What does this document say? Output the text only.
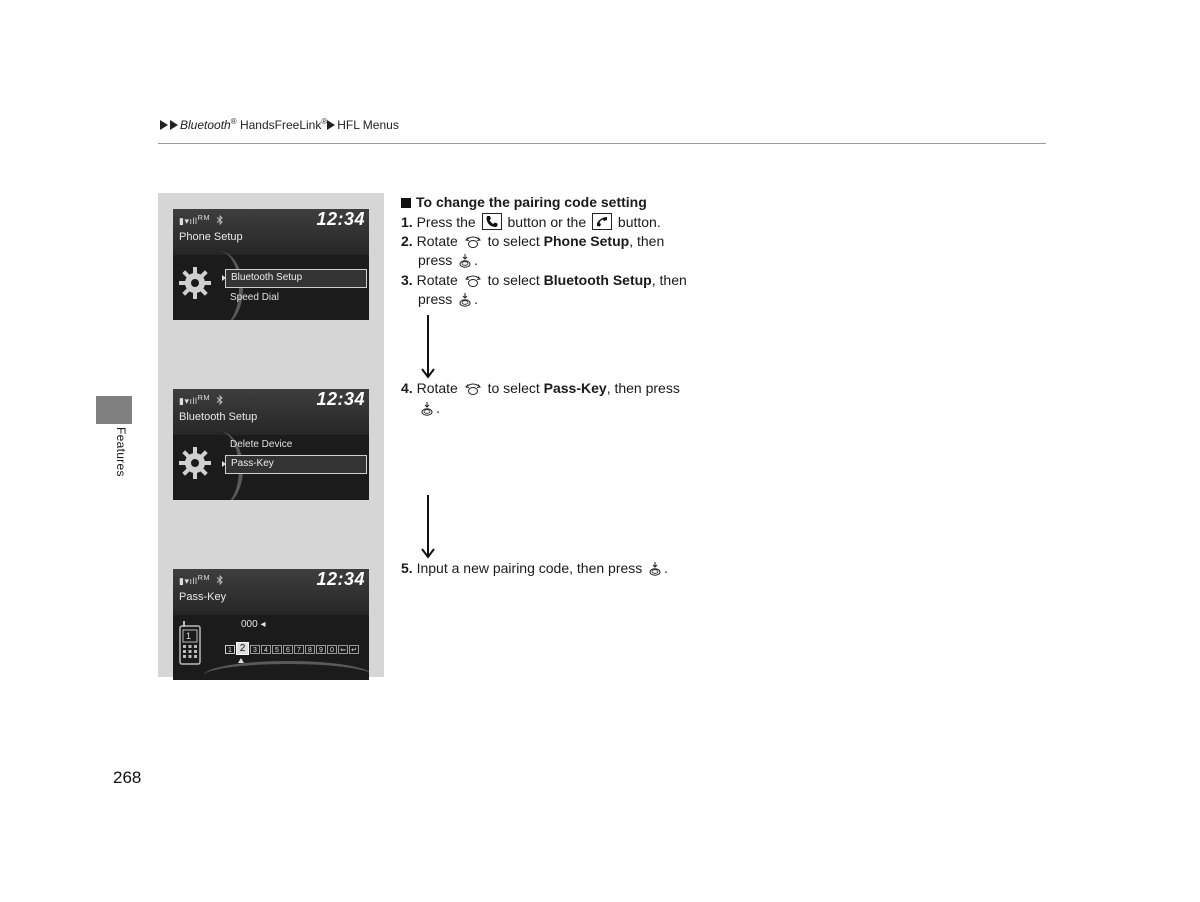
Bluetooth® HandsFreeLink® HFL Menus
Features
268
▮▾ıll$^{RM}$	12:34
Phone Setup
Bluetooth Setup
Speed Dial
▮▾ıll$^{RM}$	12:34
Bluetooth Setup
Delete Device
Pass-Key
▮▾ıll$^{RM}$	12:34
Pass-Key
1
000 ◂
1 2	3	4	5	6	7	8	9	0 ⇐ ↵
To change the pairing code setting
1. Press the button or the button.
2. Rotate to select Phone Setup, then
press .
3. Rotate to select Bluetooth Setup, then
press .
4. Rotate to select Pass-Key, then press
.
5. Input a new pairing code, then press .
